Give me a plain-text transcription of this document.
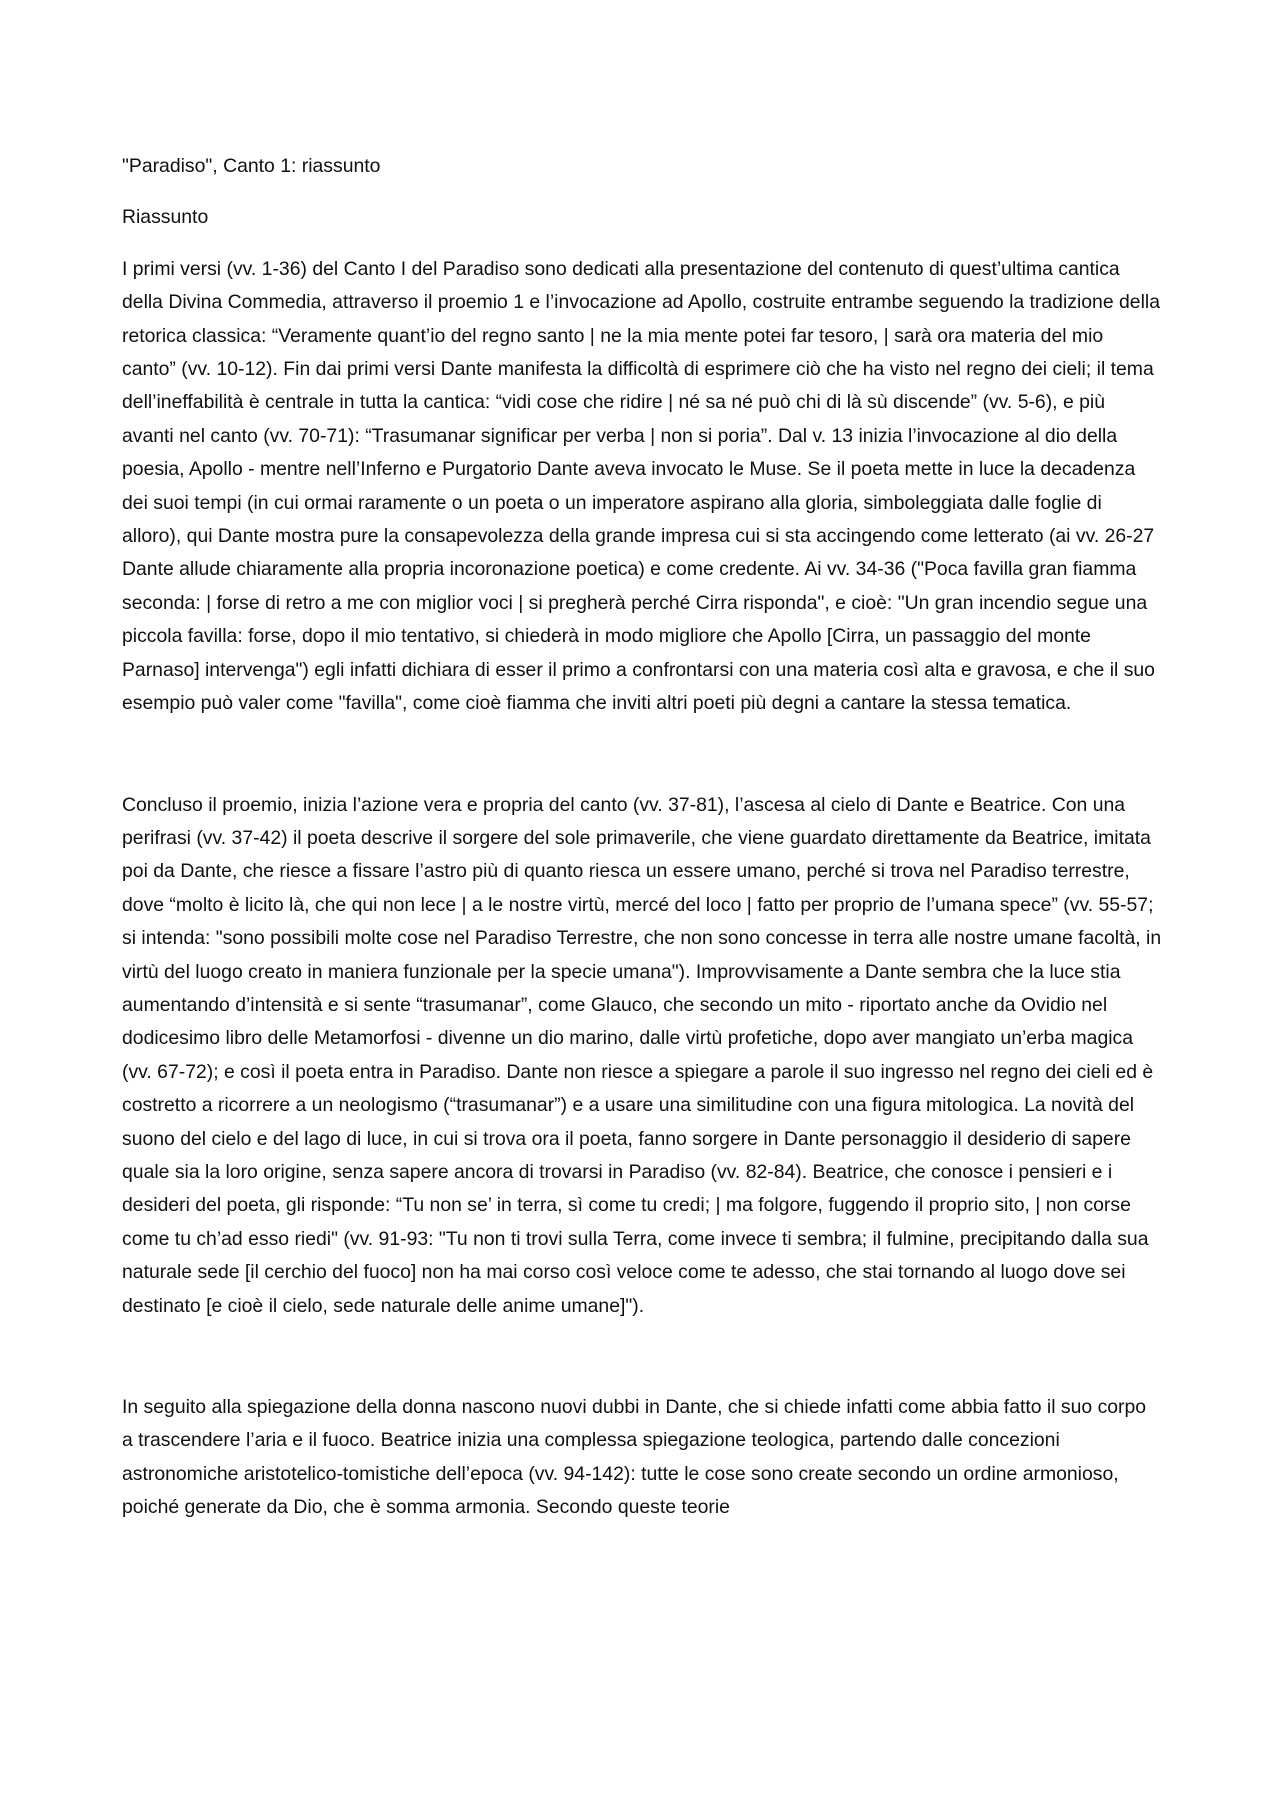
"Paradiso", Canto 1: riassunto

Riassunto

I primi versi (vv. 1-36) del Canto I del Paradiso sono dedicati alla presentazione del contenuto di quest’ultima cantica della Divina Commedia, attraverso il proemio 1 e l’invocazione ad Apollo, costruite entrambe seguendo la tradizione della retorica classica: “Veramente quant’io del regno santo | ne la mia mente potei far tesoro, | sarà ora materia del mio canto” (vv. 10-12). Fin dai primi versi Dante manifesta la difficoltà di esprimere ciò che ha visto nel regno dei cieli; il tema dell’ineffabilità è centrale in tutta la cantica: “vidi cose che ridire | né sa né può chi di là sù discende” (vv. 5-6), e più avanti nel canto (vv. 70-71): “Trasumanar significar per verba | non si poria”. Dal v. 13 inizia l’invocazione al dio della poesia, Apollo - mentre nell’Inferno e Purgatorio Dante aveva invocato le Muse. Se il poeta mette in luce la decadenza dei suoi tempi (in cui ormai raramente o un poeta o un imperatore aspirano alla gloria, simboleggiata dalle foglie di alloro), qui Dante mostra pure la consapevolezza della grande impresa cui si sta accingendo come letterato (ai vv. 26-27 Dante allude chiaramente alla propria incoronazione poetica) e come credente. Ai vv. 34-36 ("Poca favilla gran fiamma seconda: | forse di retro a me con miglior voci | si pregherà perché Cirra risponda", e cioè: "Un gran incendio segue una piccola favilla: forse, dopo il mio tentativo, si chiederà in modo migliore che Apollo [Cirra, un passaggio del monte Parnaso] intervenga") egli infatti dichiara di esser il primo a confrontarsi con una materia così alta e gravosa, e che il suo esempio può valer come "favilla", come cioè fiamma che inviti altri poeti più degni a cantare la stessa tematica.

Concluso il proemio, inizia l’azione vera e propria del canto (vv. 37-81), l’ascesa al cielo di Dante e Beatrice. Con una perifrasi (vv. 37-42) il poeta descrive il sorgere del sole primaverile, che viene guardato direttamente da Beatrice, imitata poi da Dante, che riesce a fissare l’astro più di quanto riesca un essere umano, perché si trova nel Paradiso terrestre, dove “molto è licito là, che qui non lece | a le nostre virtù, mercé del loco | fatto per proprio de l’umana spece” (vv. 55-57; si intenda: "sono possibili molte cose nel Paradiso Terrestre, che non sono concesse in terra alle nostre umane facoltà, in virtù del luogo creato in maniera funzionale per la specie umana"). Improvvisamente a Dante sembra che la luce stia aumentando d’intensità e si sente “trasumanar”, come Glauco, che secondo un mito - riportato anche da Ovidio nel dodicesimo libro delle Metamorfosi - divenne un dio marino, dalle virtù profetiche, dopo aver mangiato un’erba magica (vv. 67-72); e così il poeta entra in Paradiso. Dante non riesce a spiegare a parole il suo ingresso nel regno dei cieli ed è costretto a ricorrere a un neologismo (“trasumanar”) e a usare una similitudine con una figura mitologica. La novità del suono del cielo e del lago di luce, in cui si trova ora il poeta, fanno sorgere in Dante personaggio il desiderio di sapere quale sia la loro origine, senza sapere ancora di trovarsi in Paradiso (vv. 82-84). Beatrice, che conosce i pensieri e i desideri del poeta, gli risponde: “Tu non se’ in terra, sì come tu credi; | ma folgore, fuggendo il proprio sito, | non corse come tu ch’ad esso riedi" (vv. 91-93: "Tu non ti trovi sulla Terra, come invece ti sembra; il fulmine, precipitando dalla sua naturale sede [il cerchio del fuoco] non ha mai corso così veloce come te adesso, che stai tornando al luogo dove sei destinato [e cioè il cielo, sede naturale delle anime umane]").

In seguito alla spiegazione della donna nascono nuovi dubbi in Dante, che si chiede infatti come abbia fatto il suo corpo a trascendere l’aria e il fuoco. Beatrice inizia una complessa spiegazione teologica, partendo dalle concezioni astronomiche aristotelico-tomistiche dell’epoca (vv. 94-142): tutte le cose sono create secondo un ordine armonioso, poiché generate da Dio, che è somma armonia. Secondo queste teorie
